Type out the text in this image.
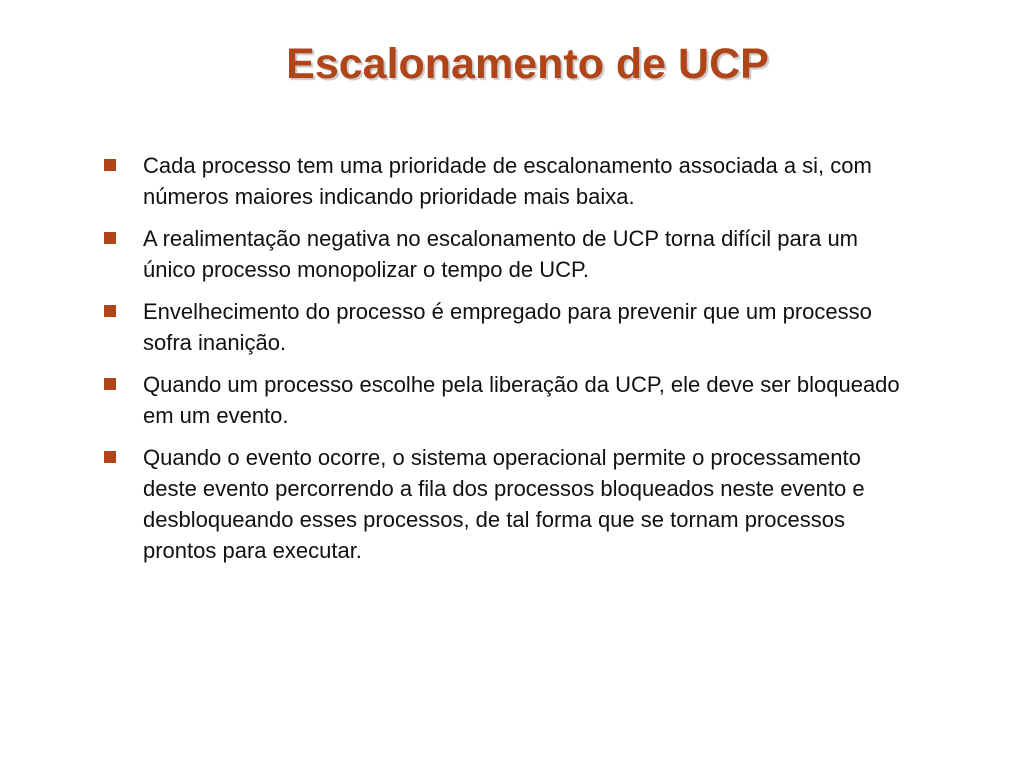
Escalonamento de UCP
Cada processo tem uma prioridade de escalonamento associada a si, com números maiores indicando prioridade mais baixa.
A realimentação negativa no escalonamento de UCP torna difícil para um único processo monopolizar o tempo de UCP.
Envelhecimento do processo é empregado para prevenir que um processo sofra inanição.
Quando um processo escolhe pela liberação da UCP, ele deve ser bloqueado em um evento.
Quando o evento ocorre, o sistema operacional permite o processamento deste evento percorrendo a fila dos processos bloqueados neste evento e desbloqueando esses processos, de tal forma que se tornam processos prontos para executar.
